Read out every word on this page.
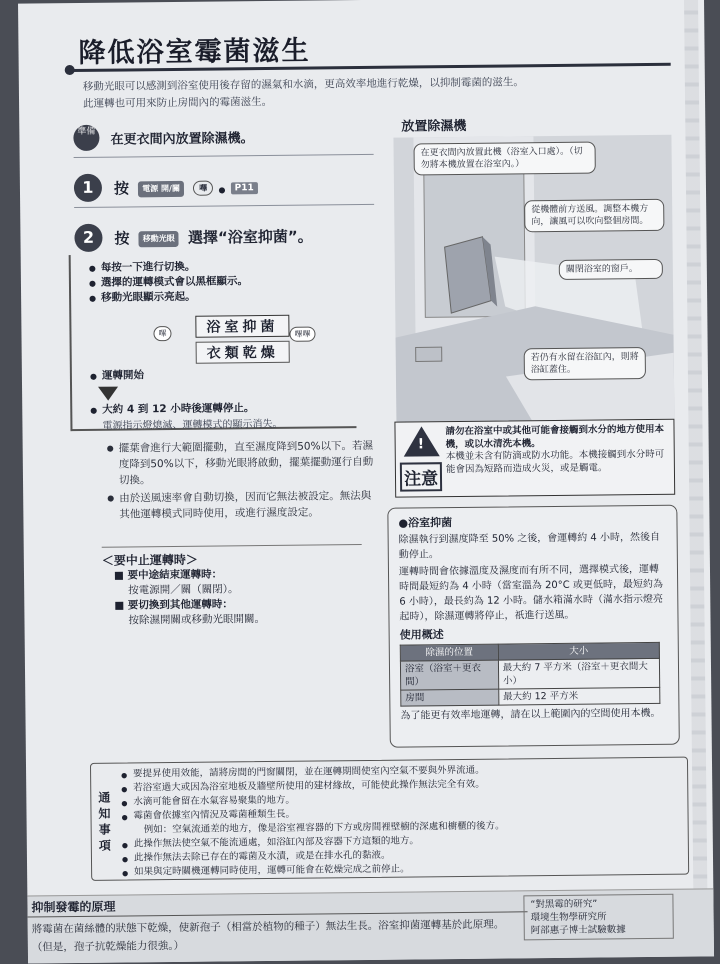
降低浴室霉菌滋生
移動光眼可以感測到浴室使用後存留的濕氣和水滴，更高效率地進行乾燥，以抑制霉菌的滋生。
此運轉也可用來防止房間內的霉菌滋生。
準備 在更衣間內放置除濕機。
1	按 電源 開/關 嗶 ● P11
2	按 移動光眼 選擇“浴室抑菌”。
● 每按一下進行切換。
● 選擇的運轉模式會以黑框顯示。
● 移動光眼顯示亮起。
嗶	浴室抑菌
衣類乾燥
嗶嗶
● 運轉開始
● 大約 4 到 12 小時後運轉停止。
電源指示燈熄滅、運轉模式的顯示消失。
● 擺葉會進行大範圍擺動，直至濕度降到50%以下。若濕度降到50%以下，移動光眼將啟動，擺葉擺動運行自動切換。
● 由於送風速率會自動切換，因而它無法被設定。無法與其他運轉模式同時使用，或進行濕度設定。
＜要中止運轉時＞
■ 要中途結束運轉時：
按電源開／關（關閉）。
■ 要切換到其他運轉時：
按除濕開關或移動光眼開關。
放置除濕機
在更衣間內放置此機（浴室入口處）。（切勿將本機放置在浴室內。）
從機體前方送風。調整本機方向，讓風可以吹向整個房間。
關閉浴室的窗戶。
若仍有水留在浴缸內，則將浴缸蓋住。
!
注意
請勿在浴室中或其他可能會接觸到水分的地方使用本機，或以水清洗本機。
本機並未含有防滴或防水功能。本機接觸到水分時可能會因為短路而造成火災，或是觸電。
●浴室抑菌
除濕執行到濕度降至 50% 之後，會運轉約 4 小時，然後自動停止。
運轉時間會依據溫度及濕度而有所不同，選擇模式後，運轉時間最短約為 4 小時（當室溫為 20°C 或更低時，最短約為 6 小時），最長約為 12 小時。儲水箱滿水時（滿水指示燈亮起時），除濕運轉將停止，祇進行送風。
使用概述
除濕的位置	大小
浴室（浴室＋更衣間）	最大約 7 平方米（浴室＋更衣間大小）
房間	最大約 12 平方米
為了能更有效率地運轉，請在以上範圍內的空間使用本機。
通知事項
● 要提昇使用效能，請將房間的門窗關閉，並在運轉期間使室內空氣不要與外界流通。
● 若浴室過大或因為浴室地板及牆壁所使用的建材緣故，可能使此操作無法完全有效。
● 水滴可能會留在水氣容易聚集的地方。
● 霉菌會依據室內情況及霉菌種類生長。
例如：空氣流通差的地方，像是浴室裡容器的下方或房間裡壁櫥的深處和櫥櫃的後方。
● 此操作無法使空氣不能流通處，如浴缸內部及容器下方這類的地方。
● 此操作無法去除已存在的霉菌及水漬，或是在排水孔的黏液。
● 如果與定時關機運轉同時使用，運轉可能會在乾燥完成之前停止。
抑制發霉的原理
將霉菌在菌絲體的狀態下乾燥，使新孢子（相當於植物的種子）無法生長。浴室抑菌運轉基於此原理。（但是，孢子抗乾燥能力很強。）
“對黑霉的研究”
環境生物學研究所
阿部惠子博士試驗數據
